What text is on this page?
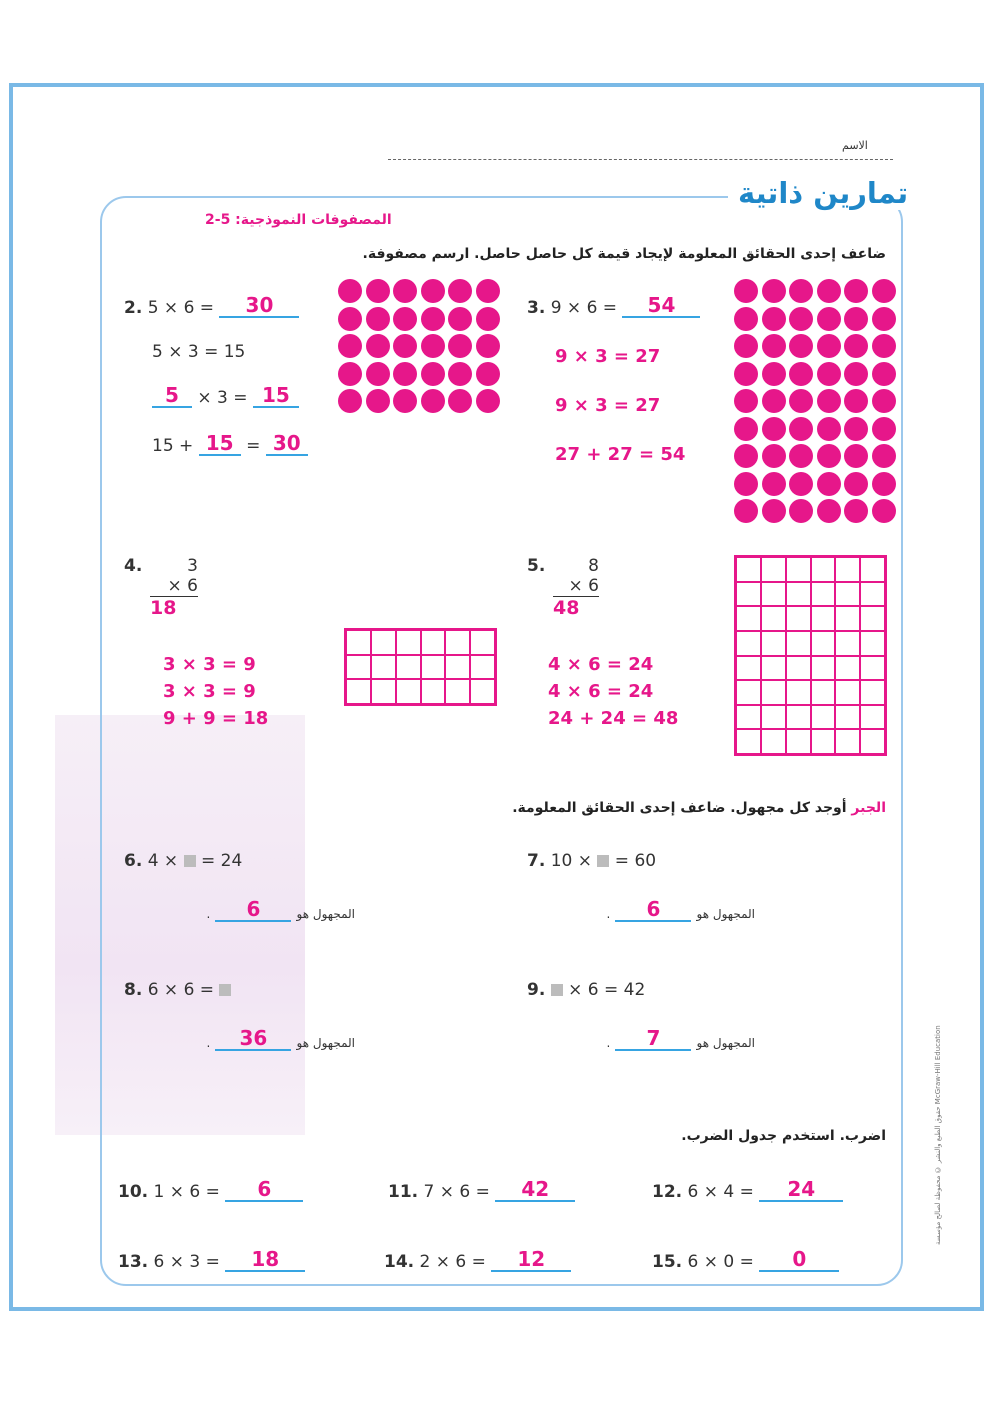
الاسم
تمارين ذاتية
المصفوفات النموذجية: 5-2
ضاعف إحدى الحقائق المعلومة لإيجاد قيمة كل حاصل حاصل. ارسم مصفوفة.
2. 5 × 6 = 30
5 × 3 = 15
5 × 3 = 15
15 + 15 = 30
3. 9 × 6 = 54
9 × 3 = 27
9 × 3 = 27
27 + 27 = 54
4.	3
× 6
18
3 × 3 = 9
3 × 3 = 9
9 + 9 = 18
5.	8
× 6
48
4 × 6 = 24
4 × 6 = 24
24 + 24 = 48
الجبر أوجد كل مجهول. ضاعف إحدى الحقائق المعلومة.
6. 4 × = 24
المجهول هو 6 .
7. 10 × = 60
المجهول هو 6 .
8. 6 × 6 =
المجهول هو 36 .
9. × 6 = 42
المجهول هو 7 .
اضرب. استخدم جدول الضرب.
10. 1 × 6 = 6	11. 7 × 6 = 42	12. 6 × 4 = 24
13. 6 × 3 = 18	14. 2 × 6 = 12	15. 6 × 0 = 0
حقوق الطبع والنشر © محفوظة لصالح مؤسسة McGraw-Hill Education
